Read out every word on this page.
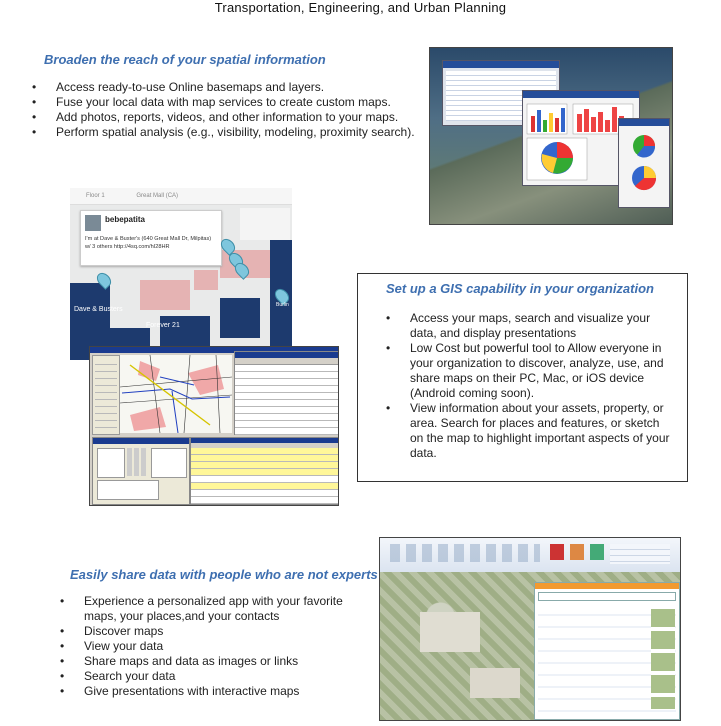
Transportation, Engineering, and Urban Planning
Broaden the reach of your spatial information
• Access ready-to-use Online basemaps and layers.
• Fuse your local data with map services to create custom maps.
• Add photos, reports, videos, and other information to your maps.
• Perform spatial analysis (e.g., visibility, modeling, proximity search).
Floor 1	Great Mall (CA)
bebepatita
I'm at Dave & Buster's (640 Great Mall Dr, Milpitas) w/ 3 others http://4sq.com/hI28HR
Dave & Busters
Forever 21
Burlin
Set up a GIS capability in your organization
• Access your maps, search and visualize your data, and display presentations
• Low Cost but powerful tool to Allow everyone in your organization to discover, analyze, use, and share maps on their PC, Mac, or iOS device (Android coming soon).
• View information about your assets, property, or area. Search for places and features, or sketch on the map to highlight important aspects of your data.
Easily share data with people who are not experts
• Experience a personalized app with your favorite maps, your places,and your contacts
• Discover maps
• View your data
• Share maps and data as images or links
• Search your data
• Give presentations with interactive maps
